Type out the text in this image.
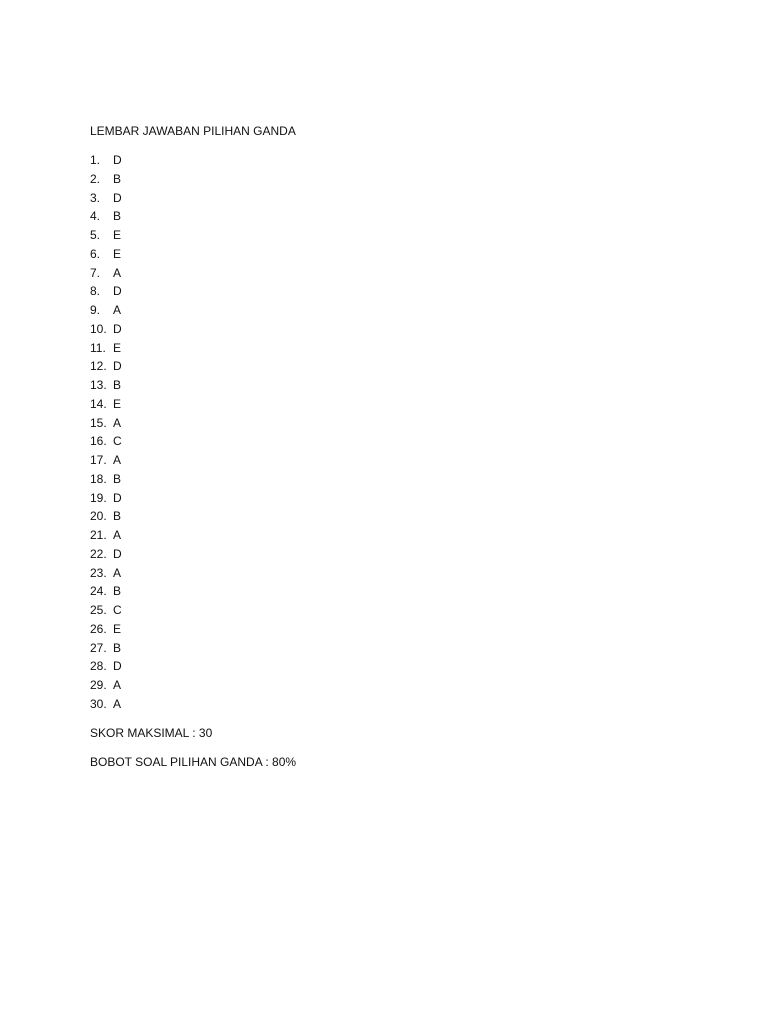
LEMBAR JAWABAN PILIHAN GANDA
1.	D
2.	B
3.	D
4.	B
5.	E
6.	E
7.	A
8.	D
9.	A
10. D
11. E
12. D
13. B
14. E
15. A
16. C
17. A
18. B
19. D
20. B
21. A
22. D
23. A
24. B
25. C
26. E
27. B
28. D
29. A
30. A
SKOR MAKSIMAL : 30
BOBOT SOAL PILIHAN GANDA : 80%
